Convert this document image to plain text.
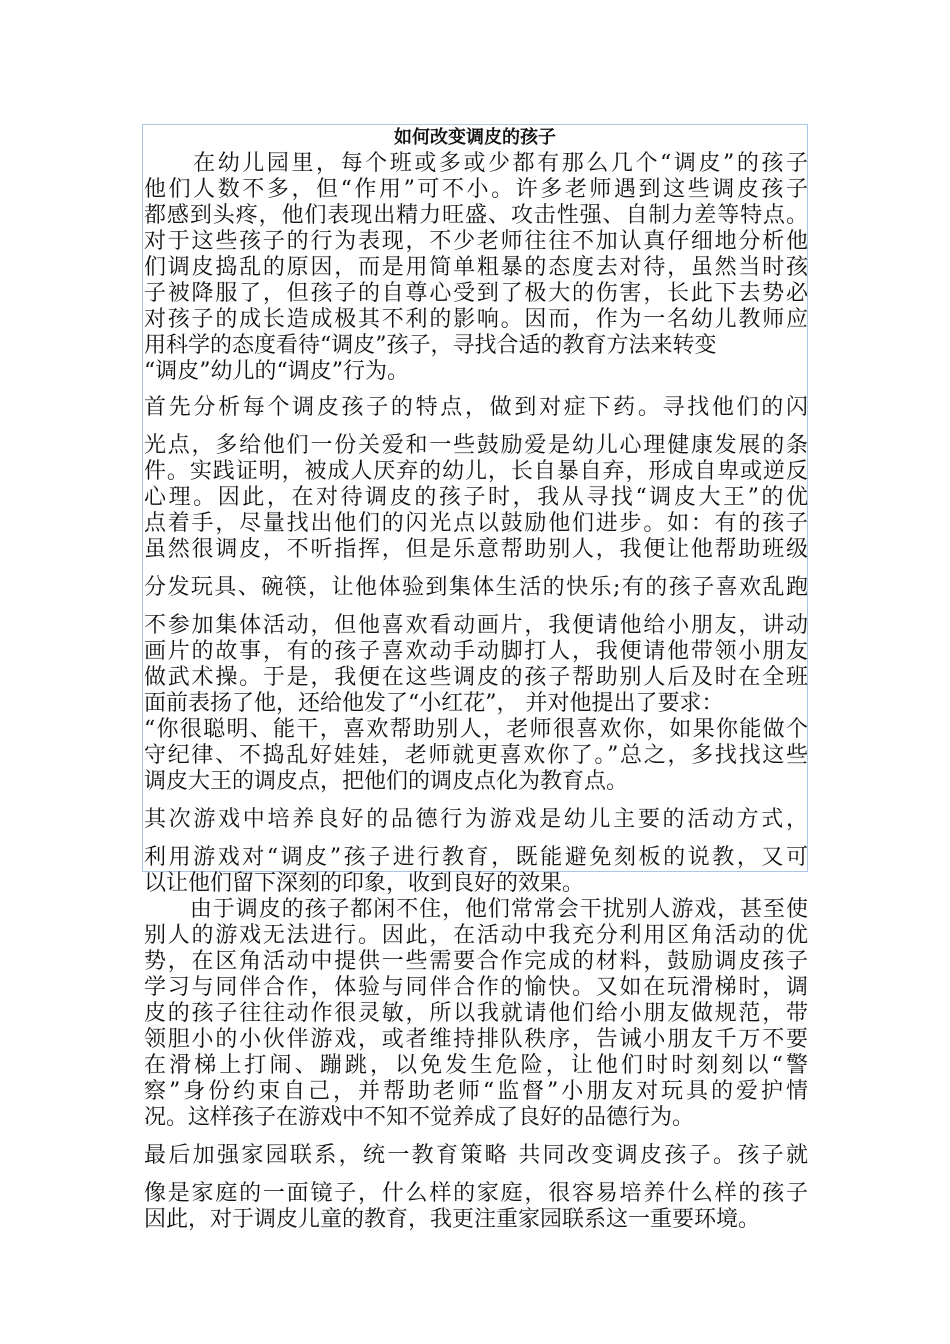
如何改变调皮的孩子
　　在幼儿园里，每个班或多或少都有那么几个“调皮”的孩子
他们人数不多，但“作用”可不小。许多老师遇到这些调皮孩子
都感到头疼，他们表现出精力旺盛、攻击性强、自制力差等特点。
对于这些孩子的行为表现，不少老师往往不加认真仔细地分析他
们调皮捣乱的原因，而是用简单粗暴的态度去对待，虽然当时孩
子被降服了，但孩子的自尊心受到了极大的伤害，长此下去势必
对孩子的成长造成极其不利的影响。因而，作为一名幼儿教师应
用科学的态度看待“调皮”孩子，寻找合适的教育方法来转变
“调皮”幼儿的“调皮”行为。
首先分析每个调皮孩子的特点，做到对症下药。寻找他们的闪
光点，多给他们一份关爱和一些鼓励爱是幼儿心理健康发展的条
件。实践证明，被成人厌弃的幼儿，长自暴自弃，形成自卑或逆反
心理。因此，在对待调皮的孩子时，我从寻找“调皮大王”的优
点着手，尽量找出他们的闪光点以鼓励他们进步。如：有的孩子
虽然很调皮，不听指挥，但是乐意帮助别人，我便让他帮助班级
分发玩具、碗筷，让他体验到集体生活的快乐;有的孩子喜欢乱跑
不参加集体活动，但他喜欢看动画片，我便请他给小朋友，讲动
画片的故事，有的孩子喜欢动手动脚打人，我便请他带领小朋友
做武术操。于是，我便在这些调皮的孩子帮助别人后及时在全班
面前表扬了他，还给他发了“小红花”， 并对他提出了要求：
“你很聪明、能干，喜欢帮助别人，老师很喜欢你，如果你能做个
守纪律、不捣乱好娃娃，老师就更喜欢你了。”总之，多找找这些
调皮大王的调皮点，把他们的调皮点化为教育点。
其次游戏中培养良好的品德行为游戏是幼儿主要的活动方式，
利用游戏对“调皮”孩子进行教育，既能避免刻板的说教，又可
以让他们留下深刻的印象，收到良好的效果。
　　由于调皮的孩子都闲不住，他们常常会干扰别人游戏，甚至使
别人的游戏无法进行。因此，在活动中我充分利用区角活动的优
势，在区角活动中提供一些需要合作完成的材料，鼓励调皮孩子
学习与同伴合作，体验与同伴合作的愉快。又如在玩滑梯时，调
皮的孩子往往动作很灵敏，所以我就请他们给小朋友做规范，带
领胆小的小伙伴游戏，或者维持排队秩序，告诫小朋友千万不要
在滑梯上打闹、蹦跳，以免发生危险，让他们时时刻刻以“警
察”身份约束自己，并帮助老师“监督”小朋友对玩具的爱护情
况。这样孩子在游戏中不知不觉养成了良好的品德行为。
最后加强家园联系，统一教育策略 共同改变调皮孩子。孩子就
像是家庭的一面镜子，什么样的家庭，很容易培养什么样的孩子
因此，对于调皮儿童的教育，我更注重家园联系这一重要环境。
